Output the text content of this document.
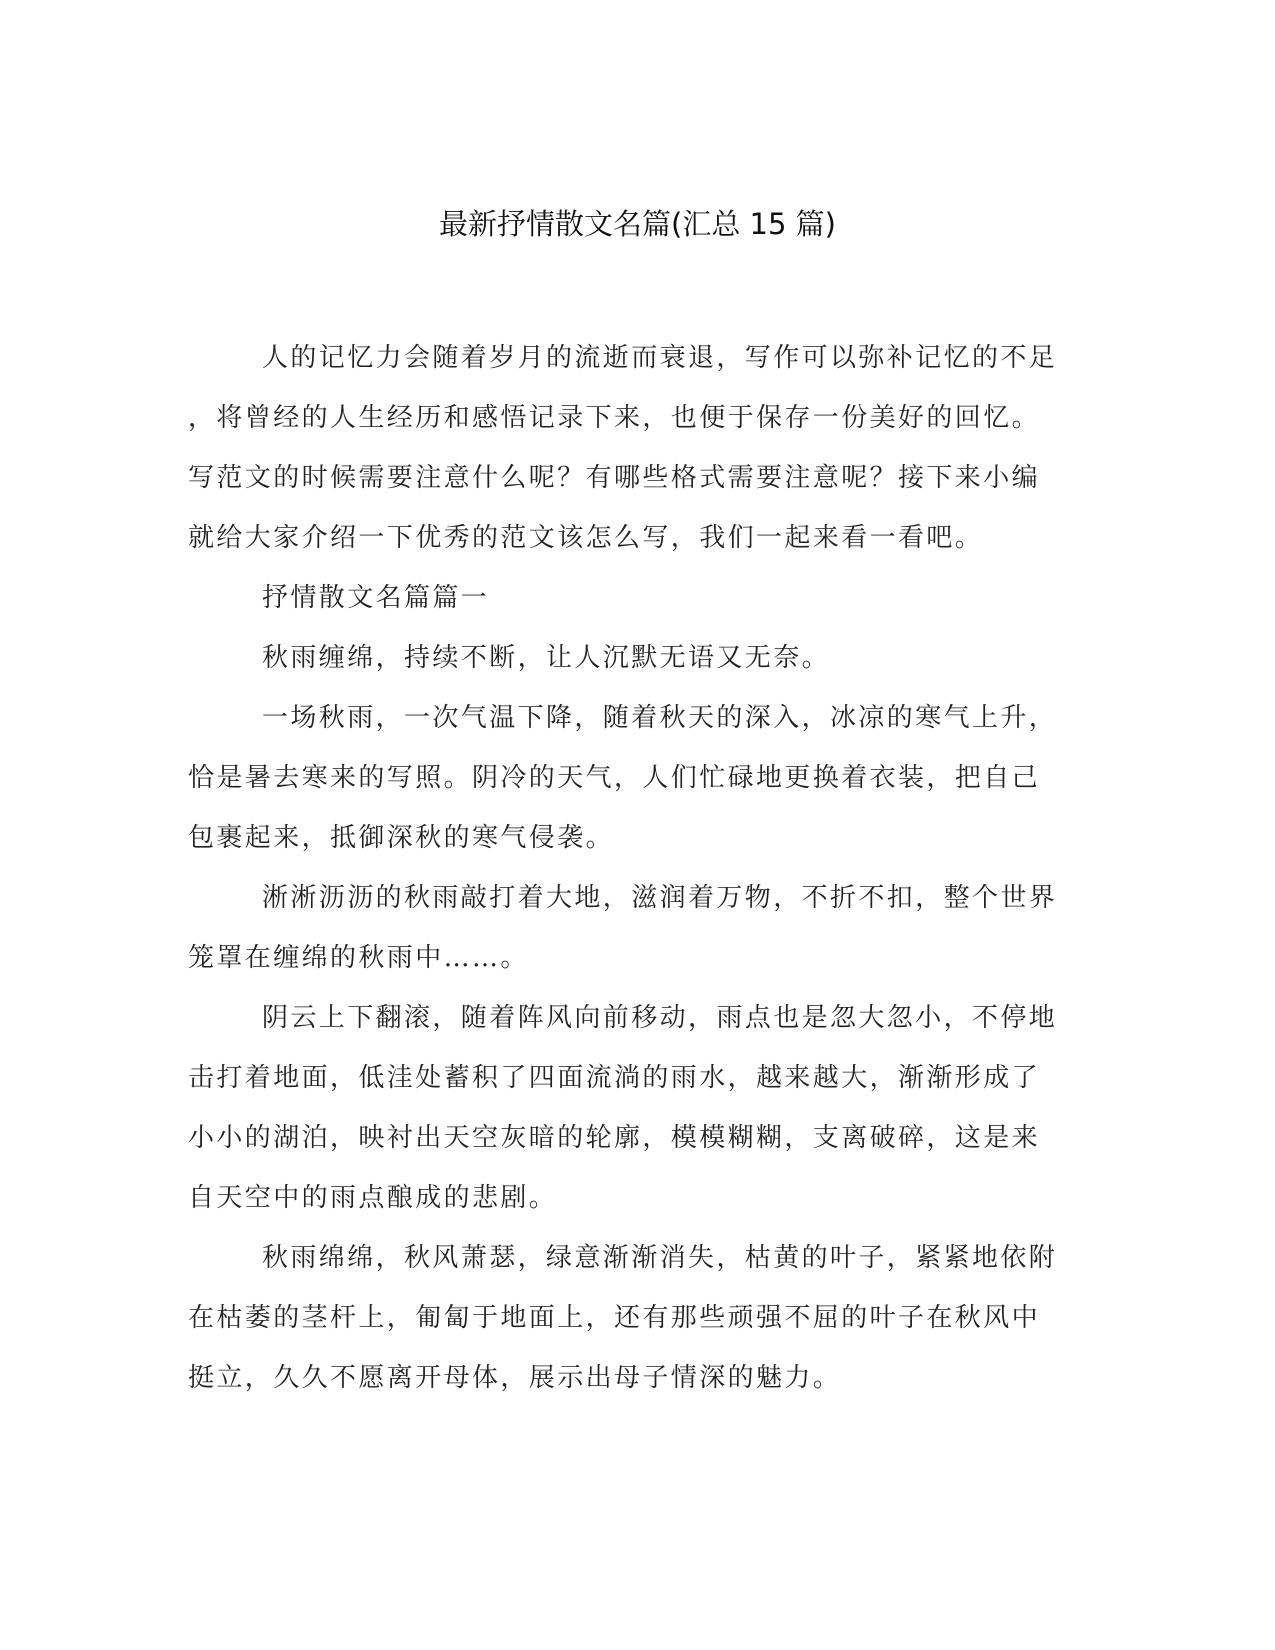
最新抒情散文名篇(汇总 15 篇)
人的记忆力会随着岁月的流逝而衰退，写作可以弥补记忆的不足
，将曾经的人生经历和感悟记录下来，也便于保存一份美好的回忆。
写范文的时候需要注意什么呢？有哪些格式需要注意呢？接下来小编
就给大家介绍一下优秀的范文该怎么写，我们一起来看一看吧。
抒情散文名篇篇一
秋雨缠绵，持续不断，让人沉默无语又无奈。
一场秋雨，一次气温下降，随着秋天的深入，冰凉的寒气上升，
恰是暑去寒来的写照。阴冷的天气，人们忙碌地更换着衣装，把自己
包裹起来，抵御深秋的寒气侵袭。
淅淅沥沥的秋雨敲打着大地，滋润着万物，不折不扣，整个世界
笼罩在缠绵的秋雨中……。
阴云上下翻滚，随着阵风向前移动，雨点也是忽大忽小，不停地
击打着地面，低洼处蓄积了四面流淌的雨水，越来越大，渐渐形成了
小小的湖泊，映衬出天空灰暗的轮廓，模模糊糊，支离破碎，这是来
自天空中的雨点酿成的悲剧。
秋雨绵绵，秋风萧瑟，绿意渐渐消失，枯黄的叶子，紧紧地依附
在枯萎的茎杆上，匍匐于地面上，还有那些顽强不屈的叶子在秋风中
挺立，久久不愿离开母体，展示出母子情深的魅力。
